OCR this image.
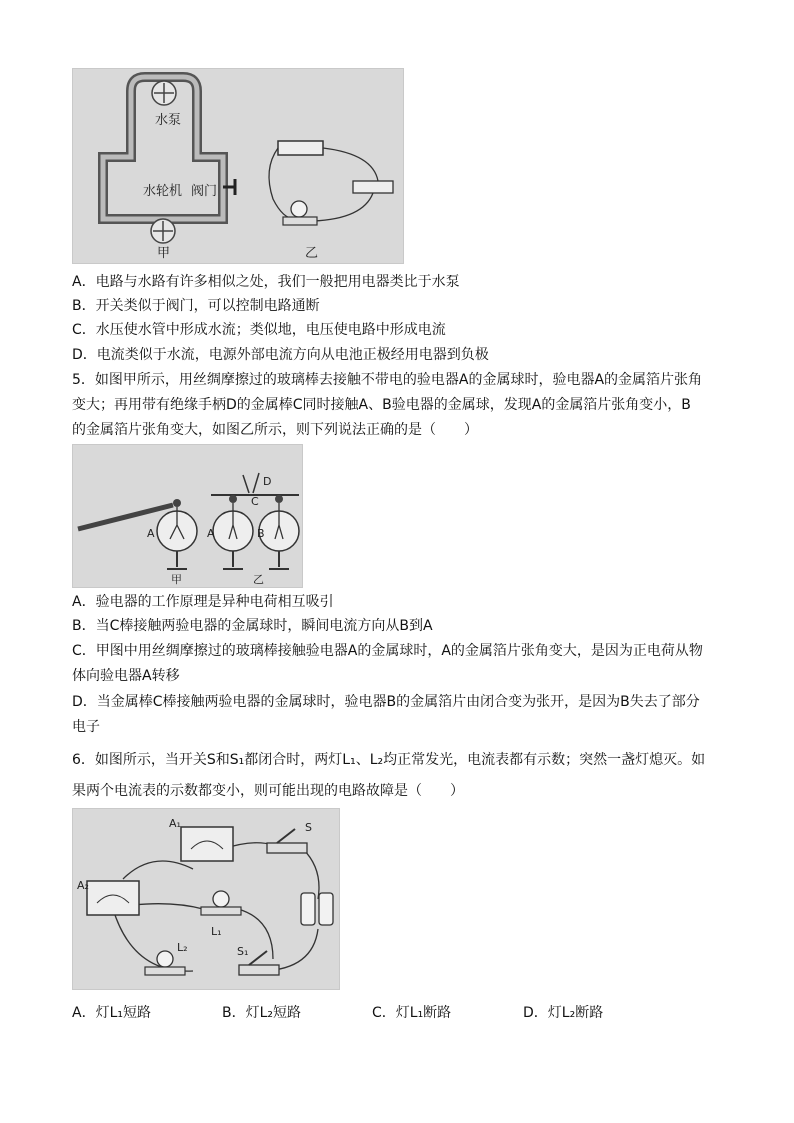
水泵
水轮机 阀门
甲	乙
A．电路与水路有许多相似之处，我们一般把用电器类比于水泵
B．开关类似于阀门，可以控制电路通断
C．水压使水管中形成水流；类似地，电压使电路中形成电流
D．电流类似于水流，电源外部电流方向从电池正极经用电器到负极
5．如图甲所示，用丝绸摩擦过的玻璃棒去接触不带电的验电器A的金属球时，验电器A的金属箔片张角
变大；再用带有绝缘手柄D的金属棒C同时接触A、B验电器的金属球，发现A的金属箔片张角变小，B
的金属箔片张角变大，如图乙所示，则下列说法正确的是（　　）
A
甲
C
D
A	B
乙
A．验电器的工作原理是异种电荷相互吸引
B．当C棒接触两验电器的金属球时，瞬间电流方向从B到A
C．甲图中用丝绸摩擦过的玻璃棒接触验电器A的金属球时，A的金属箔片张角变大，是因为正电荷从物
体向验电器A转移
D．当金属棒C棒接触两验电器的金属球时，验电器B的金属箔片由闭合变为张开，是因为B失去了部分
电子
6．如图所示，当开关S和S₁都闭合时，两灯L₁、L₂均正常发光，电流表都有示数；突然一盏灯熄灭。如
果两个电流表的示数都变小，则可能出现的电路故障是（　　）
A₁
A₂
S
L₁
L₂	S₁
A．灯L₁短路	B．灯L₂短路	C．灯L₁断路	D．灯L₂断路
